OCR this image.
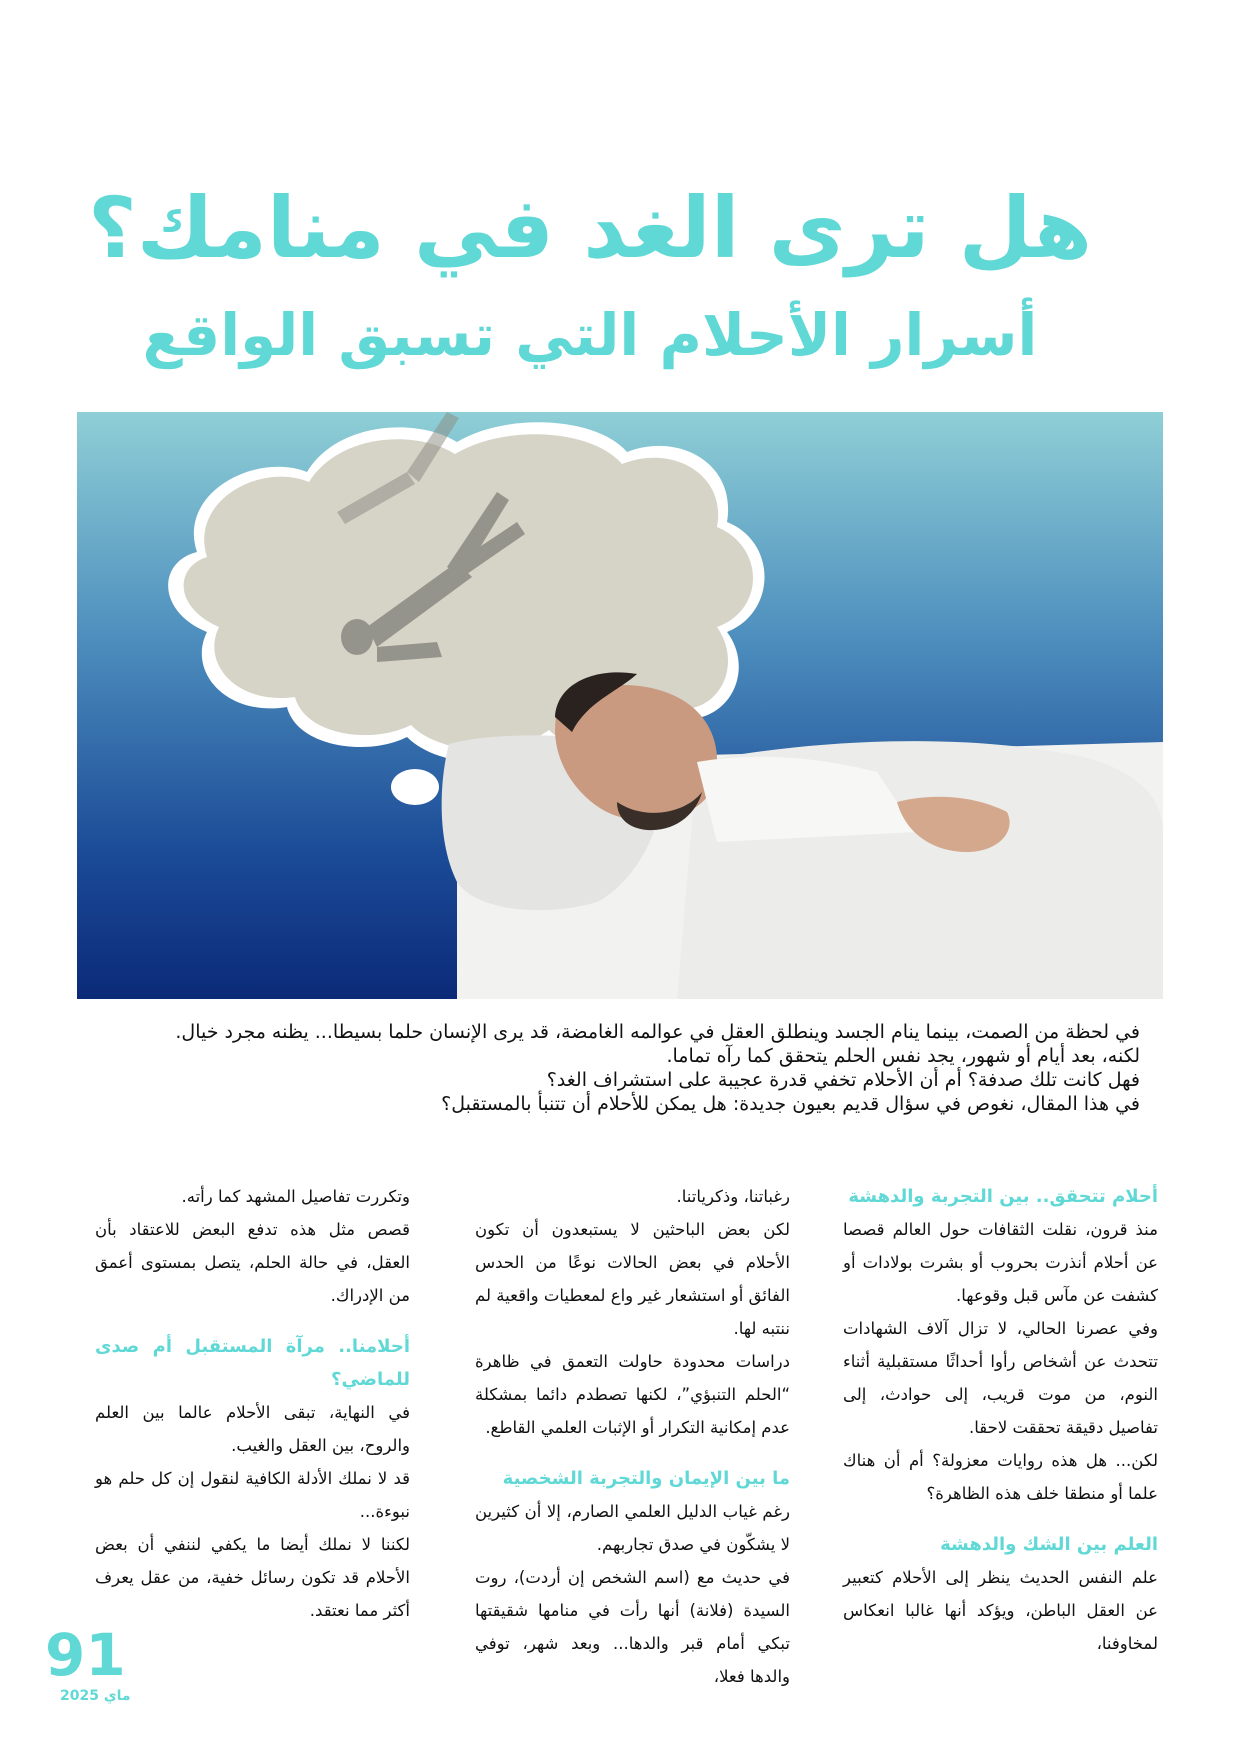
هل ترى الغد في منامك؟
أسرار الأحلام التي تسبق الواقع

في لحظة من الصمت، بينما ينام الجسد وينطلق العقل في عوالمه الغامضة، قد يرى الإنسان حلما بسيطا... يظنه مجرد خيال. لكنه، بعد أيام أو شهور، يجد نفس الحلم يتحقق كما رآه تماما.

فهل كانت تلك صدفة؟ أم أن الأحلام تخفي قدرة عجيبة على استشراف الغد؟

في هذا المقال، نغوص في سؤال قديم بعيون جديدة: هل يمكن للأحلام أن تتنبأ بالمستقبل؟

أحلام تتحقق.. بين التجربة والدهشة

منذ قرون، نقلت الثقافات حول العالم قصصا عن أحلام أنذرت بحروب أو بشرت بولادات أو كشفت عن مآس قبل وقوعها.

وفي عصرنا الحالي، لا تزال آلاف الشهادات تتحدث عن أشخاص رأوا أحداثًا مستقبلية أثناء النوم، من موت قريب، إلى حوادث، إلى تفاصيل دقيقة تحققت لاحقا.

لكن... هل هذه روايات معزولة؟ أم أن هناك علما أو منطقا خلف هذه الظاهرة؟

العلم بين الشك والدهشة

علم النفس الحديث ينظر إلى الأحلام كتعبير عن العقل الباطن، ويؤكد أنها غالبا انعكاس لمخاوفنا،

رغباتنا، وذكرياتنا.

لكن بعض الباحثين لا يستبعدون أن تكون الأحلام في بعض الحالات نوعًا من الحدس الفائق أو استشعار غير واع لمعطيات واقعية لم ننتبه لها.

دراسات محدودة حاولت التعمق في ظاهرة “الحلم التنبؤي”، لكنها تصطدم دائما بمشكلة عدم إمكانية التكرار أو الإثبات العلمي القاطع.

ما بين الإيمان والتجربة الشخصية

رغم غياب الدليل العلمي الصارم، إلا أن كثيرين لا يشكّون في صدق تجاربهم.

في حديث مع (اسم الشخص إن أردت)، روت السيدة (فلانة) أنها رأت في منامها شقيقتها تبكي أمام قبر والدها... وبعد شهر، توفي والدها فعلا،

وتكررت تفاصيل المشهد كما رأته.

قصص مثل هذه تدفع البعض للاعتقاد بأن العقل، في حالة الحلم، يتصل بمستوى أعمق من الإدراك.

أحلامنا.. مرآة المستقبل أم صدى للماضي؟

في النهاية، تبقى الأحلام عالما بين العلم والروح، بين العقل والغيب.

قد لا نملك الأدلة الكافية لنقول إن كل حلم هو نبوءة...

لكننا لا نملك أيضا ما يكفي لننفي أن بعض الأحلام قد تكون رسائل خفية، من عقل يعرف أكثر مما نعتقد.

91
ماي 2025
